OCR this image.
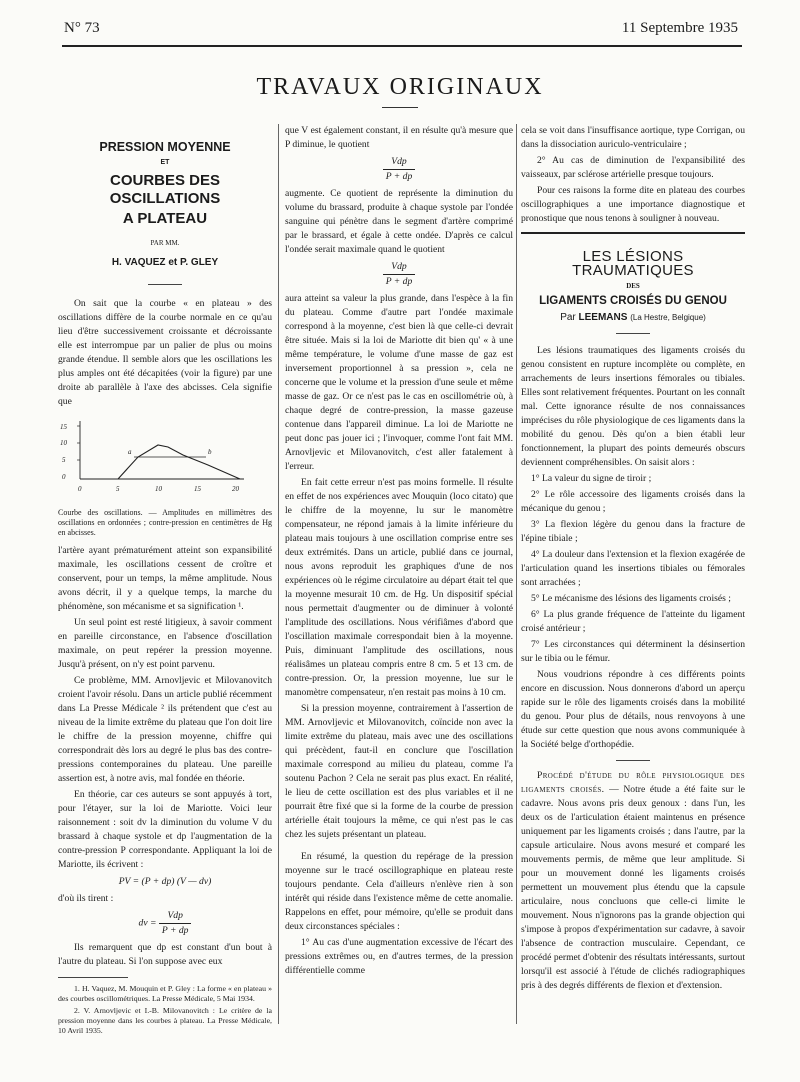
N° 73	11 Septembre 1935
TRAVAUX ORIGINAUX
PRESSION MOYENNE
ET
COURBES DES OSCILLATIONS
A PLATEAU
PAR MM.
H. VAQUEZ et P. GLEY

On sait que la courbe « en plateau » des oscillations diffère de la courbe normale en ce qu'au lieu d'être successivement croissante et décroissante elle est interrompue par un palier de plus ou moins grande étendue. Il semble alors que les oscillations les plus amples ont été décapitées (voir la figure) par une droite ab parallèle à l'axe des abcisses. Cela signifie que

15
10
5
0
0	5	10	15	20
a	b
Courbe des oscillations. — Amplitudes en millimètres des oscillations en ordonnées ; contre-pression en centimètres de Hg en abcisses.

l'artère ayant prématurément atteint son expansibilité maximale, les oscillations cessent de croître et conservent, pour un temps, la même amplitude. Nous avons décrit, il y a quelque temps, la marche du phénomène, son mécanisme et sa signification ¹.

Un seul point est resté litigieux, à savoir comment en pareille circonstance, en l'absence d'oscillation maximale, on peut repérer la pression moyenne. Jusqu'à présent, on n'y est point parvenu.

Ce problème, MM. Arnovljevic et Milovanovitch croient l'avoir résolu. Dans un article publié récemment dans La Presse Médicale ² ils prétendent que c'est au niveau de la limite extrême du plateau que l'on doit lire le chiffre de la pression moyenne, chiffre qui correspondrait dès lors au degré le plus bas des contre-pressions contemporaines du plateau. Une pareille assertion est, à notre avis, mal fondée en théorie.

En théorie, car ces auteurs se sont appuyés à tort, pour l'étayer, sur la loi de Mariotte. Voici leur raisonnement : soit dv la diminution du volume V du brassard à chaque systole et dp l'augmentation de la contre-pression P correspondante. Appliquant la loi de Mariotte, ils écrivent :

PV = (P + dp) (V — dv)

d'où ils tirent :

dv = $\frac{\text{Vdp}}{P + dp}$

Ils remarquent que dp est constant d'un bout à l'autre du plateau. Si l'on suppose avec eux

1. H. Vaquez, M. Mouquin et P. Gley : La forme « en plateau » des courbes oscillométriques. La Presse Médicale, 5 Mai 1934.

2. V. Arnovljevic et I.-B. Milovanovitch : Le critère de la pression moyenne dans les courbes à plateau. La Presse Médicale, 10 Avril 1935.

que V est également constant, il en résulte qu'à mesure que P diminue, le quotient

$\frac{\text{Vdp}}{P + dp}$

augmente. Ce quotient de représente la diminution du volume du brassard, produite à chaque systole par l'ondée sanguine qui pénètre dans le segment d'artère comprimé par le brassard, et égale à cette ondée. D'après ce calcul l'ondée serait maximale quand le quotient

$\frac{\text{Vdp}}{P + dp}$

aura atteint sa valeur la plus grande, dans l'espèce à la fin du plateau. Comme d'autre part l'ondée maximale correspond à la moyenne, c'est bien là que celle-ci devrait être située. Mais si la loi de Mariotte dit bien qu' « à une même température, le volume d'une masse de gaz est inversement proportionnel à sa pression », cela ne concerne que le volume et la pression d'une seule et même masse de gaz. Or ce n'est pas le cas en oscillométrie où, à chaque degré de contre-pression, la masse gazeuse contenue dans l'appareil diminue. La loi de Mariotte ne peut donc pas jouer ici ; l'invoquer, comme l'ont fait MM. Arnovljevic et Milovanovitch, c'est aller fatalement à l'erreur.

En fait cette erreur n'est pas moins formelle. Il résulte en effet de nos expériences avec Mouquin (loco citato) que le chiffre de la moyenne, lu sur le manomètre compensateur, ne répond jamais à la limite inférieure du plateau mais toujours à une oscillation comprise entre ses deux extrémités. Dans un article, publié dans ce journal, nous avons reproduit les graphiques d'une de nos expériences où le régime circulatoire au départ était tel que la moyenne mesurait 10 cm. de Hg. Un dispositif spécial nous permettait d'augmenter ou de diminuer à volonté l'amplitude des oscillations. Nous vérifiâmes d'abord que l'oscillation maximale correspondait bien à la moyenne. Puis, diminuant l'amplitude des oscillations, nous réalisâmes un plateau compris entre 8 cm. 5 et 13 cm. de contre-pression. Or, la pression moyenne, lue sur le manomètre compensateur, n'en restait pas moins à 10 cm.

Si la pression moyenne, contrairement à l'assertion de MM. Arnovljevic et Milovanovitch, coïncide non avec la limite extrême du plateau, mais avec une des oscillations qui précèdent, faut-il en conclure que l'oscillation maximale correspond au milieu du plateau, comme l'a soutenu Pachon ? Cela ne serait pas plus exact. En réalité, le lieu de cette oscillation est des plus variables et il ne pourrait être fixé que si la forme de la courbe de pression artérielle était toujours la même, ce qui n'est pas le cas chez les sujets présentant un plateau.

En résumé, la question du repérage de la pression moyenne sur le tracé oscillographique en plateau reste toujours pendante. Cela d'ailleurs n'enlève rien à son intérêt qui réside dans l'existence même de cette anomalie. Rappelons en effet, pour mémoire, qu'elle se produit dans deux circonstances spéciales :

1° Au cas d'une augmentation excessive de l'écart des pressions extrêmes ou, en d'autres termes, de la pression différentielle comme

cela se voit dans l'insuffisance aortique, type Corrigan, ou dans la dissociation auriculo-ventriculaire ;

2° Au cas de diminution de l'expansibilité des vaisseaux, par sclérose artérielle presque toujours.

Pour ces raisons la forme dite en plateau des courbes oscillographiques a une importance diagnostique et pronostique que nous tenons à souligner à nouveau.

LES LÉSIONS TRAUMATIQUES
DES
LIGAMENTS CROISÉS DU GENOU
Par LEEMANS (La Hestre, Belgique)

Les lésions traumatiques des ligaments croisés du genou consistent en rupture incomplète ou complète, en arrachements de leurs insertions fémorales ou tibiales. Elles sont relativement fréquentes. Pourtant on les connaît mal. Cette ignorance résulte de nos connaissances imprécises du rôle physiologique de ces ligaments dans la mobilité du genou. Dès qu'on a bien établi leur fonctionnement, la plupart des points demeurés obscurs deviennent compréhensibles. On saisit alors :

1° La valeur du signe de tiroir ;

2° Le rôle accessoire des ligaments croisés dans la mécanique du genou ;

3° La flexion légère du genou dans la fracture de l'épine tibiale ;

4° La douleur dans l'extension et la flexion exagérée de l'articulation quand les insertions tibiales ou fémorales sont arrachées ;

5° Le mécanisme des lésions des ligaments croisés ;

6° La plus grande fréquence de l'atteinte du ligament croisé antérieur ;

7° Les circonstances qui déterminent la désinsertion sur le tibia ou le fémur.

Nous voudrions répondre à ces différents points encore en discussion. Nous donnerons d'abord un aperçu rapide sur le rôle des ligaments croisés dans la mobilité du genou. Pour plus de détails, nous renvoyons à une étude sur cette question que nous avons communiquée à la Société belge d'orthopédie.

Procédé d'étude du rôle physiologique des ligaments croisés. — Notre étude a été faite sur le cadavre. Nous avons pris deux genoux : dans l'un, les deux os de l'articulation étaient maintenus en présence uniquement par les ligaments croisés ; dans l'autre, par la capsule articulaire. Nous avons mesuré et comparé les mouvements permis, de même que leur amplitude. Si pour un mouvement donné les ligaments croisés permettent un mouvement plus étendu que la capsule articulaire, nous concluons que celle-ci limite le mouvement. Nous n'ignorons pas la grande objection qui s'impose à propos d'expérimentation sur cadavre, à savoir l'absence de contraction musculaire. Cependant, ce procédé permet d'obtenir des résultats intéressants, surtout lorsqu'il est associé à l'étude de clichés radiographiques pris à des degrés différents de flexion et d'extension.
